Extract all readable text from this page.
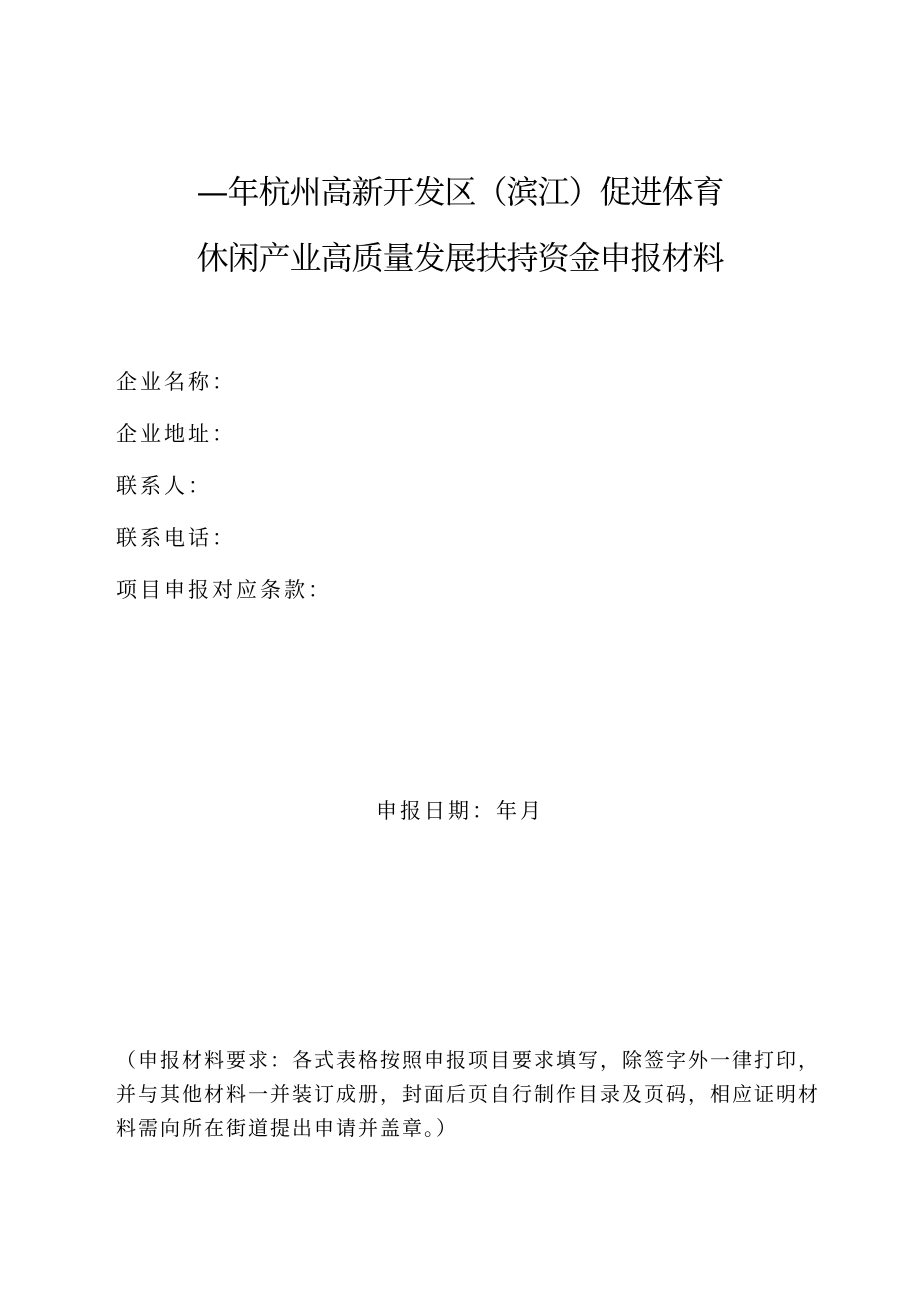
—年杭州高新开发区（滨江）促进体育
休闲产业高质量发展扶持资金申报材料
企业名称：
企业地址：
联系人：
联系电话：
项目申报对应条款：
申报日期：年月
（申报材料要求：各式表格按照申报项目要求填写，除签字外一律打印，
并与其他材料一并装订成册，封面后页自行制作目录及页码，相应证明材
料需向所在街道提出申请并盖章。）
